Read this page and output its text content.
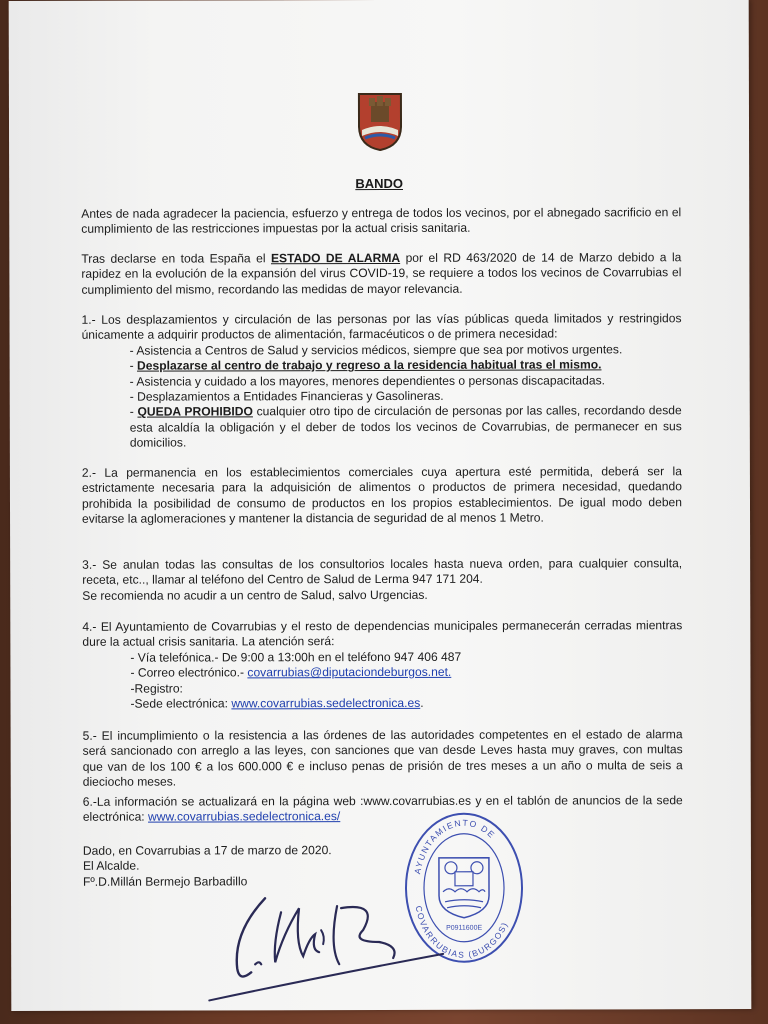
BANDO

Antes de nada agradecer la paciencia, esfuerzo y entrega de todos los vecinos, por el abnegado sacrificio en el cumplimiento de las restricciones impuestas por la actual crisis sanitaria.

Tras declarse en toda España el ESTADO DE ALARMA por el RD 463/2020 de 14 de Marzo debido a la rapidez en la evolución de la expansión del virus COVID-19, se requiere a todos los vecinos de Covarrubias el cumplimiento del mismo, recordando las medidas de mayor relevancia.

1.- Los desplazamientos y circulación de las personas por las vías públicas queda limitados y restringidos únicamente a adquirir productos de alimentación, farmacéuticos o de primera necesidad:

- Asistencia a Centros de Salud y servicios médicos, siempre que sea por motivos urgentes.

- Desplazarse al centro de trabajo y regreso a la residencia habitual tras el mismo.

- Asistencia y cuidado a los mayores, menores dependientes o personas discapacitadas.

- Desplazamientos a Entidades Financieras y Gasolineras.

- QUEDA PROHIBIDO cualquier otro tipo de circulación de personas por las calles, recordando desde esta alcaldía la obligación y el deber de todos los vecinos de Covarrubias, de permanecer en sus domicilios.

2.- La permanencia en los establecimientos comerciales cuya apertura esté permitida, deberá ser la estrictamente necesaria para la adquisición de alimentos o productos de primera necesidad, quedando prohibida la posibilidad de consumo de productos en los propios establecimientos. De igual modo deben evitarse la aglomeraciones y mantener la distancia de seguridad de al menos 1 Metro.

3.- Se anulan todas las consultas de los consultorios locales hasta nueva orden, para cualquier consulta, receta, etc.., llamar al teléfono del Centro de Salud de Lerma 947 171 204.

Se recomienda no acudir a un centro de Salud, salvo Urgencias.

4.- El Ayuntamiento de Covarrubias y el resto de dependencias municipales permanecerán cerradas mientras dure la actual crisis sanitaria. La atención será:

- Vía telefónica.- De 9:00 a 13:00h en el teléfono 947 406 487

- Correo electrónico.- covarrubias@diputaciondeburgos.net.

-Registro:

-Sede electrónica: www.covarrubias.sedelectronica.es.

5.- El incumplimiento o la resistencia a las órdenes de las autoridades competentes en el estado de alarma será sancionado con arreglo a las leyes, con sanciones que van desde Leves hasta muy graves, con multas que van de los 100 € a los 600.000 € e incluso penas de prisión de tres meses a un año o multa de seis a dieciocho meses.

6.-La información se actualizará en la página web :www.covarrubias.es y en el tablón de anuncios de la sede electrónica: www.covarrubias.sedelectronica.es/

Dado, en Covarrubias a 17 de marzo de 2020.

El Alcalde.

Fº.D.Millán Bermejo Barbadillo

AYUNTAMIENTO DE
COVARRUBIAS (BURGOS)
P0911600E
